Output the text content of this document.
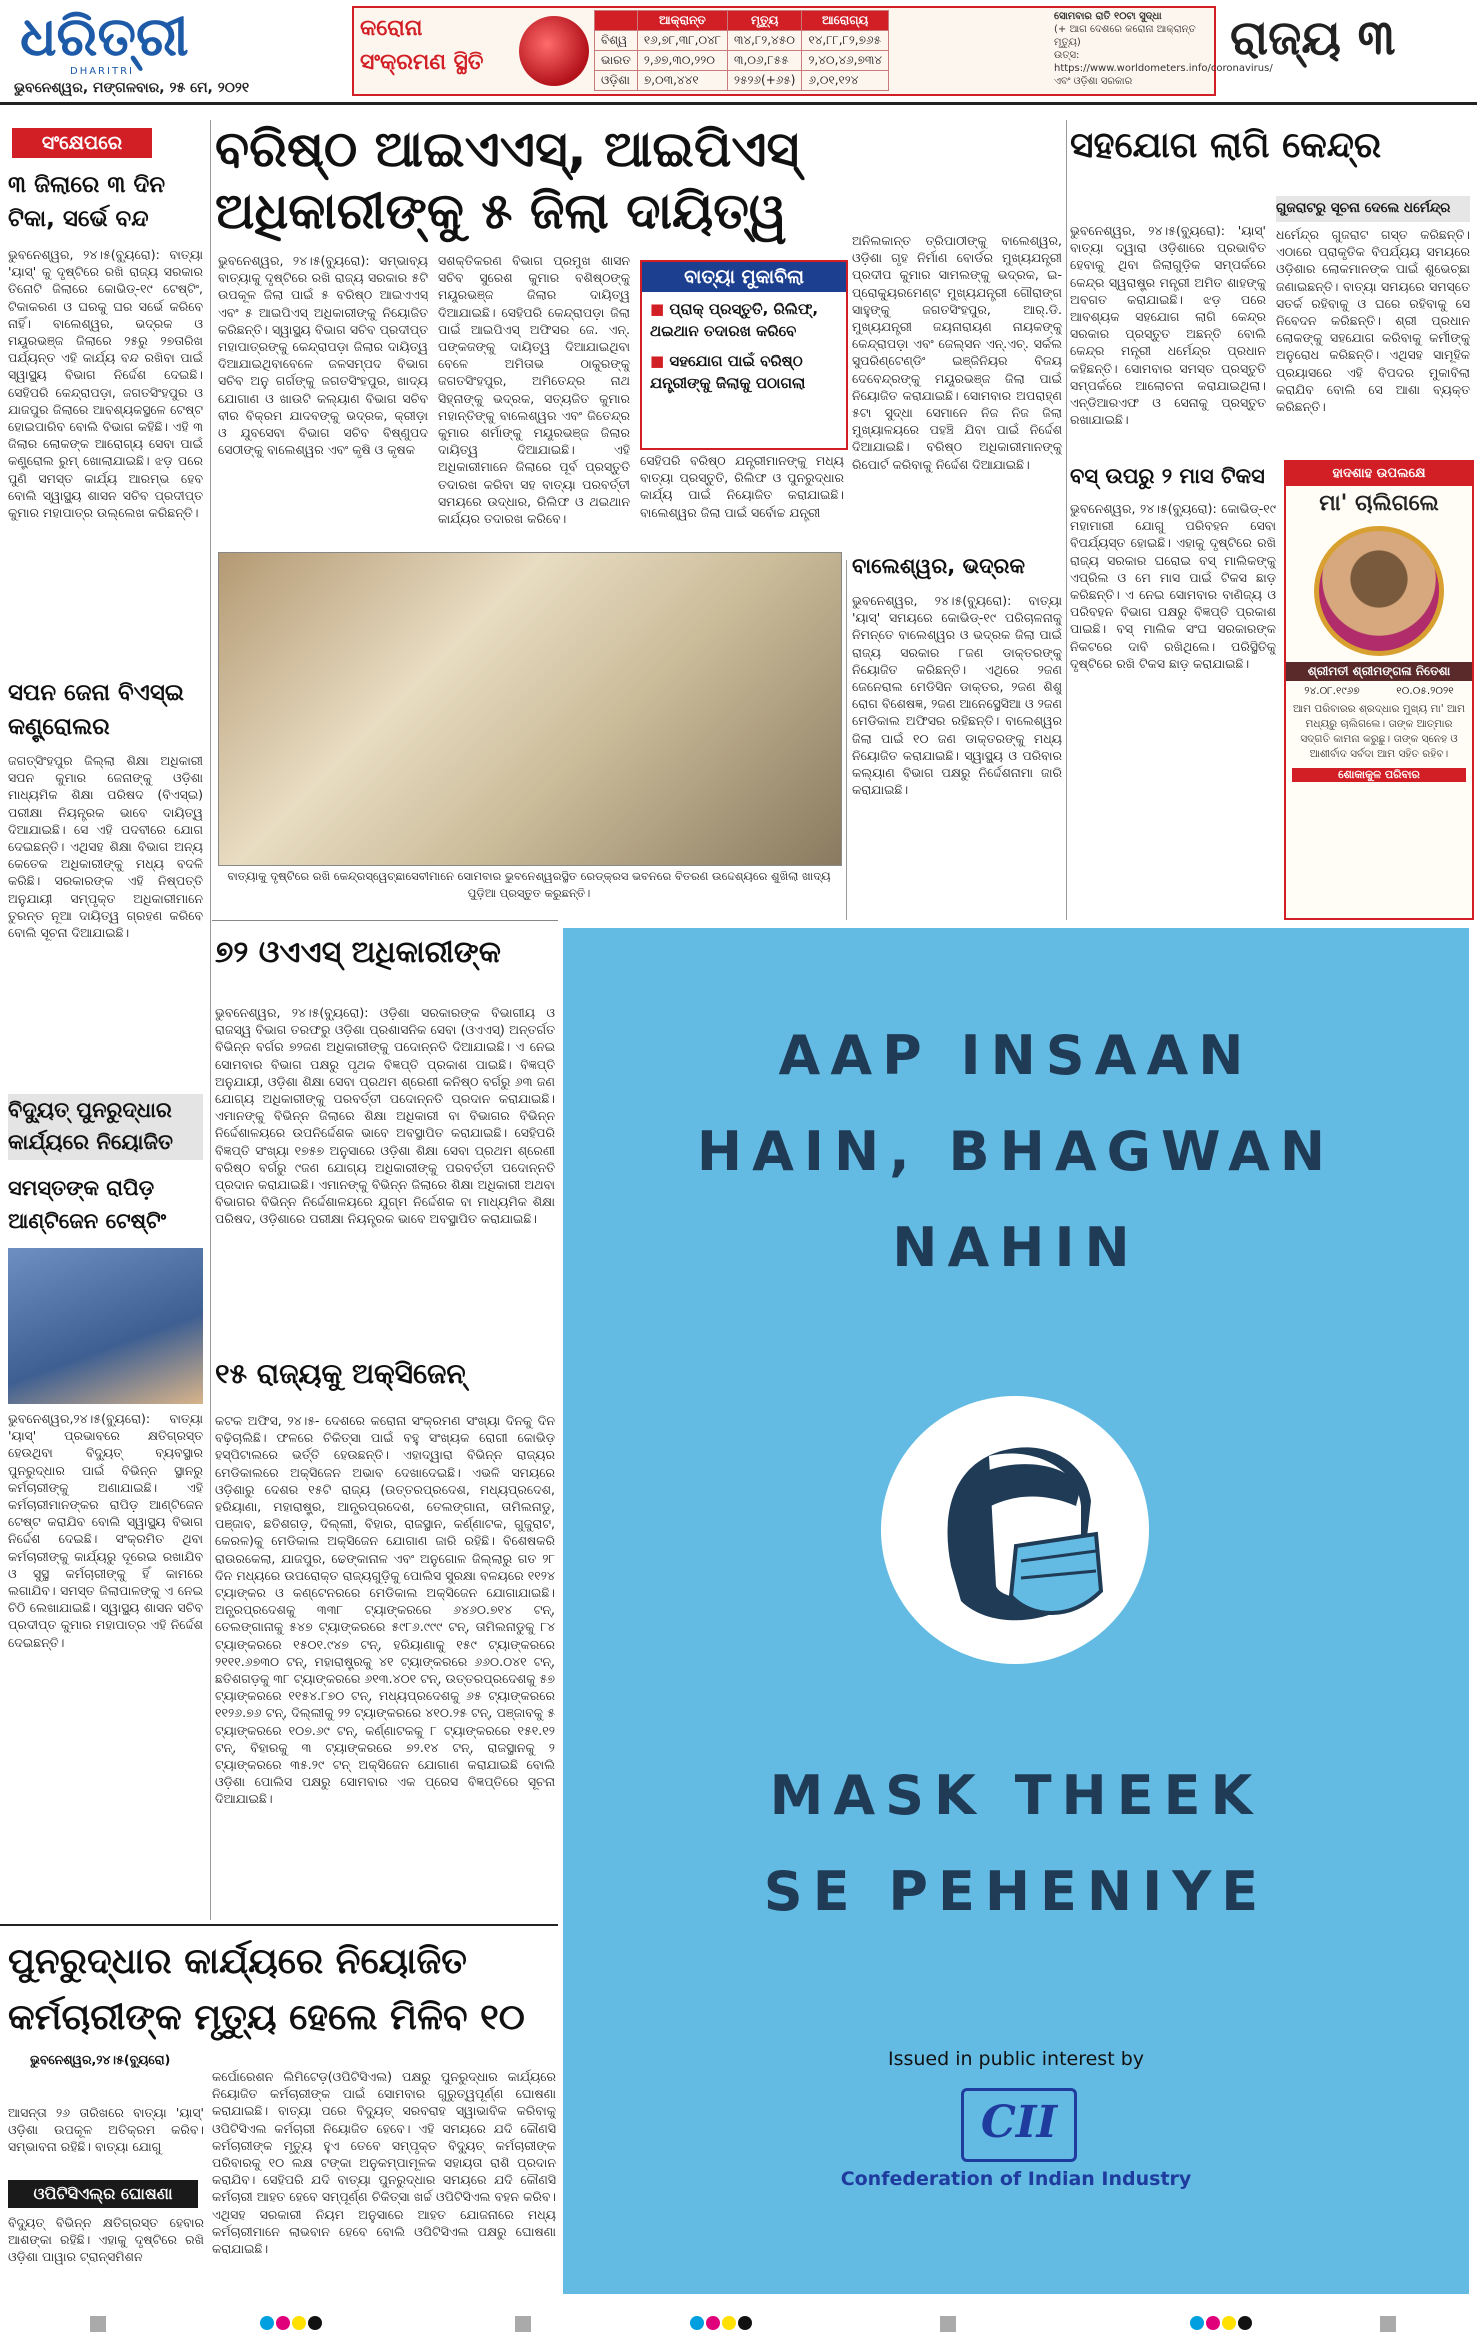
ଧରିତ୍ରୀ
DHARITRI
ଭୁବନେଶ୍ୱର, ମଙ୍ଗଳବାର, ୨୫ ମେ, ୨୦୨୧
କରୋନା
ସଂକ୍ରମଣ ସ୍ଥିତି
	ଆକ୍ରାନ୍ତ	ମୃତ୍ୟୁ	ଆରୋଗ୍ୟ
ବିଶ୍ୱ	୧୬,୭୮,୩୮,୦୪୮	୩୪,୮୨,୪୫୦	୧୪,୮୮,୮୨,୭୬୫
ଭାରତ	୨,୬୭,୩୦,୨୨୦	୩,୦୬,୮୫୫	୨,୪୦,୪୬,୭୩୪
ଓଡ଼ିଶା	୭,୦୩,୪୪୧	୨୫୨୬(+୬୫)	୬,୦୧,୧୨୪
ସୋମବାର ରାତି ୧୦ଟା ସୁଦ୍ଧା
(+ ଆଗ ଦେଶରେ କରୋନା ଆକ୍ରାନ୍ତ ମୃତ୍ୟୁ)
ଉତ୍ସ: https://www.worldometers.info/coronavirus/ ଏବଂ ଓଡ଼ିଶା ସରକାର
ରାଜ୍ୟ ୩
ସଂକ୍ଷେପରେ
୩ ଜିଲାରେ ୩ ଦିନ ଟିକା, ସର୍ଭେ ବନ୍ଦ
ଭୁବନେଶ୍ୱର, ୨୪।୫(ବ୍ୟୁରୋ): ବାତ୍ୟା 'ୟାସ୍' କୁ ଦୃଷ୍ଟିରେ ରଖି ରାଜ୍ୟ ସରକାର ତିନୋଟି ଜିଲାରେ କୋଭିଡ୍-୧୯ ଟେଷ୍ଟିଂ, ଟିକାକରଣ ଓ ଘରକୁ ଘର ସର୍ଭେ କରିବେ ନାହିଁ। ବାଲେଶ୍ୱର, ଭଦ୍ରକ ଓ ମୟୂରଭଞ୍ଜ ଜିଲାରେ ୨୫ରୁ ୨୭ତାରିଖ ପର୍ଯ୍ୟନ୍ତ ଏହି କାର୍ଯ୍ୟ ବନ୍ଦ ରଖିବା ପାଇଁ ସ୍ୱାସ୍ଥ୍ୟ ବିଭାଗ ନିର୍ଦ୍ଦେଶ ଦେଇଛି। ସେହିପରି କେନ୍ଦ୍ରାପଡ଼ା, ଜଗତସିଂହପୁର ଓ ଯାଜପୁର ଜିଲାରେ ଆବଶ୍ୟକସ୍ଥଳେ ଟେଷ୍ଟ ହୋଇପାରିବ ବୋଲି ବିଭାଗ କହିଛି। ଏହି ୩ ଜିଲାର ଲୋକଙ୍କ ଆରୋଗ୍ୟ ସେବା ପାଇଁ କଣ୍ଟ୍ରୋଲ ରୁମ୍ ଖୋଲାଯାଇଛି। ଝଡ଼ ପରେ ପୁଣି ସମସ୍ତ କାର୍ଯ୍ୟ ଆରମ୍ଭ ହେବ ବୋଲି ସ୍ୱାସ୍ଥ୍ୟ ଶାସନ ସଚିବ ପ୍ରଦୀପ୍ତ କୁମାର ମହାପାତ୍ର ଉଲ୍ଲେଖ କରିଛନ୍ତି।
ସପନ ଜେନା ବିଏସ୍‌ଇ କଣ୍ଟ୍ରୋଲର
ଜଗତ୍‌ସିଂହପୁର ଜିଲ୍ଲା ଶିକ୍ଷା ଅଧିକାରୀ ସପନ କୁମାର ଜେନାଙ୍କୁ ଓଡ଼ିଶା ମାଧ୍ୟମିକ ଶିକ୍ଷା ପରିଷଦ (ବିଏସ୍‌ଇ) ପରୀକ୍ଷା ନିୟନ୍ତ୍ରକ ଭାବେ ଦାୟିତ୍ୱ ଦିଆଯାଇଛି। ସେ ଏହି ପଦବୀରେ ଯୋଗ ଦେଇଛନ୍ତି। ଏଥିସହ ଶିକ୍ଷା ବିଭାଗ ଅନ୍ୟ କେତେକ ଅଧିକାରୀଙ୍କୁ ମଧ୍ୟ ବଦଳି କରିଛି। ସରକାରଙ୍କ ଏହି ନିଷ୍ପତ୍ତି ଅନୁଯାୟୀ ସମ୍ପୃକ୍ତ ଅଧିକାରୀମାନେ ତୁରନ୍ତ ନୂଆ ଦାୟିତ୍ୱ ଗ୍ରହଣ କରିବେ ବୋଲି ସୂଚନା ଦିଆଯାଇଛି।
ବିଦ୍ୟୁତ୍ ପୁନରୁଦ୍ଧାର କାର୍ଯ୍ୟରେ ନିୟୋଜିତ
ସମସ୍ତଙ୍କ ରାପିଡ଼ ଆଣ୍ଟିଜେନ ଟେଷ୍ଟିଂ
ଭୁବନେଶ୍ୱର,୨୪।୫(ବ୍ୟୁରୋ): ବାତ୍ୟା 'ୟାସ୍' ପ୍ରଭାବରେ କ୍ଷତିଗ୍ରସ୍ତ ହେଉଥିବା ବିଦ୍ୟୁତ୍ ବ୍ୟବସ୍ଥାର ପୁନରୁଦ୍ଧାର ପାଇଁ ବିଭିନ୍ନ ସ୍ଥାନରୁ କର୍ମଚାରୀଙ୍କୁ ଅଣାଯାଇଛି। ଏହି କର୍ମଚାରୀମାନଙ୍କର ରାପିଡ଼ ଆଣ୍ଟିଜେନ ଟେଷ୍ଟ କରାଯିବ ବୋଲି ସ୍ୱାସ୍ଥ୍ୟ ବିଭାଗ ନିର୍ଦ୍ଦେଶ ଦେଇଛି। ସଂକ୍ରମିତ ଥିବା କର୍ମଚାରୀଙ୍କୁ କାର୍ଯ୍ୟରୁ ଦୂରେଇ ରଖାଯିବ ଓ ସୁସ୍ଥ କର୍ମଚାରୀଙ୍କୁ ହିଁ କାମରେ ଲଗାଯିବ। ସମସ୍ତ ଜିଲାପାଳଙ୍କୁ ଏ ନେଇ ଚିଠି ଲେଖାଯାଇଛି। ସ୍ୱାସ୍ଥ୍ୟ ଶାସନ ସଚିବ ପ୍ରଦୀପ୍ତ କୁମାର ମହାପାତ୍ର ଏହି ନିର୍ଦ୍ଦେଶ ଦେଇଛନ୍ତି।
ବରିଷ୍ଠ ଆଇଏଏସ୍, ଆଇପିଏସ୍ ଅଧିକାରୀଙ୍କୁ ୫ ଜିଲା ଦାୟିତ୍ୱ
ଭୁବନେଶ୍ୱର, ୨୪।୫(ବ୍ୟୁରୋ): ସମ୍ଭାବ୍ୟ ବାତ୍ୟାକୁ ଦୃଷ୍ଟିରେ ରଖି ରାଜ୍ୟ ସରକାର ୫ଟି ଉପକୂଳ ଜିଲା ପାଇଁ ୫ ବରିଷ୍ଠ ଆଇଏଏସ୍ ଏବଂ ୫ ଆଇପିଏସ୍ ଅଧିକାରୀଙ୍କୁ ନିୟୋଜିତ କରିଛନ୍ତି। ସ୍ୱାସ୍ଥ୍ୟ ବିଭାଗ ସଚିବ ପ୍ରଦୀପ୍ତ ମହାପାତ୍ରଙ୍କୁ କେନ୍ଦ୍ରାପଡ଼ା ଜିଲାର ଦାୟିତ୍ୱ ଦିଆଯାଇଥିବାବେଳେ ଜଳସମ୍ପଦ ବିଭାଗ ସଚିବ ଅନୁ ଗର୍ଗଙ୍କୁ ଜଗତସିଂହପୁର, ଖାଦ୍ୟ ଯୋଗାଣ ଓ ଖାଉଟି କଲ୍ୟାଣ ବିଭାଗ ସଚିବ ବୀର ବିକ୍ରମ ଯାଦବଙ୍କୁ ଭଦ୍ରକ, କ୍ରୀଡ଼ା ଓ ଯୁବସେବା ବିଭାଗ ସଚିବ ବିଷ୍ଣୁପଦ ସେଠୀଙ୍କୁ ବାଲେଶ୍ୱର ଏବଂ କୃଷି ଓ କୃଷକ
ସଶକ୍ତିକରଣ ବିଭାଗ ପ୍ରମୁଖ ଶାସନ ସଚିବ ସୁରେଶ କୁମାର ବଶିଷ୍ଠଙ୍କୁ ମୟୂରଭଞ୍ଜ ଜିଲାର ଦାୟିତ୍ୱ ଦିଆଯାଇଛି। ସେହିପରି କେନ୍ଦ୍ରାପଡ଼ା ଜିଲା ପାଇଁ ଆଇପିଏସ୍ ଅଫିସର ଜେ. ଏନ୍. ପଙ୍କଜଙ୍କୁ ଦାୟିତ୍ୱ ଦିଆଯାଇଥିବା ବେଳେ ଅମିତାଭ ଠାକୁରଙ୍କୁ ଜଗତସିଂହପୁର, ଅମିତେନ୍ଦ୍ର ନାଥ ସିହ୍ନାଙ୍କୁ ଭଦ୍ରକ, ସତ୍ୟଜିତ କୁମାର ମହାନ୍ତିଙ୍କୁ ବାଲେଶ୍ୱର ଏବଂ ଜିତେନ୍ଦ୍ର କୁମାର ଶର୍ମାଙ୍କୁ ମୟୂରଭଞ୍ଜ ଜିଲାର ଦାୟିତ୍ୱ ଦିଆଯାଇଛି। ଏହି ଅଧିକାରୀମାନେ ଜିଲାରେ ପୂର୍ବ ପ୍ରସ୍ତୁତି ତଦାରଖ କରିବା ସହ ବାତ୍ୟା ପରବର୍ତ୍ତୀ ସମୟରେ ଉଦ୍ଧାର, ରିଲିଫ ଓ ଥଇଥାନ କାର୍ଯ୍ୟର ତଦାରଖ କରିବେ।
ବାତ୍ୟା ମୁକାବିଲା
■ ପ୍ରାକ୍ ପ୍ରସ୍ତୁତି, ରିଲିଫ୍, ଥଇଥାନ ତଦାରଖ କରିବେ
■ ସହଯୋଗ ପାଇଁ ବରିଷ୍ଠ ଯନ୍ତ୍ରୀଙ୍କୁ ଜିଲାକୁ ପଠାଗଲା
ସେହିପରି ବରିଷ୍ଠ ଯନ୍ତ୍ରୀମାନଙ୍କୁ ମଧ୍ୟ ବାତ୍ୟା ପ୍ରସ୍ତୁତି, ରିଲିଫ ଓ ପୁନରୁଦ୍ଧାର କାର୍ଯ୍ୟ ପାଇଁ ନିୟୋଜିତ କରାଯାଇଛି। ବାଲେଶ୍ୱର ଜିଲା ପାଇଁ ସର୍ବୋଚ୍ଚ ଯନ୍ତ୍ରୀ
ଅନିଲକାନ୍ତ ତ୍ରିପାଠୀଙ୍କୁ ବାଲେଶ୍ୱର, ଓଡ଼ିଶା ଗୃହ ନିର୍ମାଣ ବୋର୍ଡର ମୁଖ୍ୟଯନ୍ତ୍ରୀ ପ୍ରଦୀପ କୁମାର ସାମଲଙ୍କୁ ଭଦ୍ରକ, ଇ-ପ୍ରୋକ୍ୟୁରମେଣ୍ଟ ମୁଖ୍ୟଯନ୍ତ୍ରୀ ଗୌରାଙ୍ଗ ସାହୁଙ୍କୁ ଜଗତସିଂହପୁର, ଆର୍.ଡି. ମୁଖ୍ୟଯନ୍ତ୍ରୀ ଜୟନାରାୟଣ ନାୟକଙ୍କୁ କେନ୍ଦ୍ରାପଡ଼ା ଏବଂ ଜେଲ୍‌ସନ ଏନ୍.ଏଚ୍. ସର୍କଲ ସୁପରିଣ୍ଟେଣ୍ଡିଂ ଇଞ୍ଜିନିୟର ବିଜୟ ଦେବେନ୍ଦ୍ରଙ୍କୁ ମୟୂରଭଞ୍ଜ ଜିଲା ପାଇଁ ନିୟୋଜିତ କରାଯାଇଛି। ସୋମବାର ଅପରାହ୍ଣ ୫ଟା ସୁଦ୍ଧା ସେମାନେ ନିଜ ନିଜ ଜିଲା ମୁଖ୍ୟାଳୟରେ ପହଞ୍ଚି ଯିବା ପାଇଁ ନିର୍ଦ୍ଦେଶ ଦିଆଯାଇଛି। ବରିଷ୍ଠ ଅଧିକାରୀମାନଙ୍କୁ ରିପୋର୍ଟ କରିବାକୁ ନିର୍ଦ୍ଦେଶ ଦିଆଯାଇଛି।
ବାତ୍ୟାକୁ ଦୃଷ୍ଟିରେ ରଖି କେନ୍ଦ୍ରସ୍ୱେଚ୍ଛାସେବୀମାନେ ସୋମବାର ଭୁବନେଶ୍ୱରସ୍ଥିତ ରେଡ୍‌କ୍ରସ ଭବନରେ ବିତରଣ ଉଦ୍ଦେଶ୍ୟରେ ଶୁଖିଲା ଖାଦ୍ୟ ପୁଡ଼ିଆ ପ୍ରସ୍ତୁତ କରୁଛନ୍ତି।
ବାଲେଶ୍ୱର, ଭଦ୍ରକ
ଭୁବନେଶ୍ୱର, ୨୪।୫(ବ୍ୟୁରୋ): ବାତ୍ୟା 'ୟାସ୍' ସମୟରେ କୋଭିଡ୍-୧୯ ପରିଚାଳନାକୁ ନିମନ୍ତେ ବାଲେଶ୍ୱର ଓ ଭଦ୍ରକ ଜିଲା ପାଇଁ ରାଜ୍ୟ ସରକାର ୮ଜଣ ଡାକ୍ତରଙ୍କୁ ନିୟୋଜିତ କରିଛନ୍ତି। ଏଥିରେ ୨ଜଣ ଜେନେରାଲ ମେଡିସିନ ଡାକ୍ତର, ୨ଜଣ ଶିଶୁ ରୋଗ ବିଶେଷଜ୍ଞ, ୨ଜଣ ଆନେସ୍ଥେସିଆ ଓ ୨ଜଣ ମେଡିକାଲ ଅଫିସର ରହିଛନ୍ତି। ବାଲେଶ୍ୱର ଜିଲା ପାଇଁ ୧୦ ଜଣ ଡାକ୍ତରଙ୍କୁ ମଧ୍ୟ ନିୟୋଜିତ କରାଯାଇଛି। ସ୍ୱାସ୍ଥ୍ୟ ଓ ପରିବାର କଲ୍ୟାଣ ବିଭାଗ ପକ୍ଷରୁ ନିର୍ଦ୍ଦେଶନାମା ଜାରି କରାଯାଇଛି।
ସହଯୋଗ ଲାଗି କେନ୍ଦ୍ର
ଭୁବନେଶ୍ୱର, ୨୪।୫(ବ୍ୟୁରୋ): 'ୟାସ୍' ବାତ୍ୟା ଦ୍ୱାରା ଓଡ଼ିଶାରେ ପ୍ରଭାବିତ ହେବାକୁ ଥିବା ଜିଲାଗୁଡ଼ିକ ସମ୍ପର୍କରେ କେନ୍ଦ୍ର ସ୍ୱରାଷ୍ଟ୍ର ମନ୍ତ୍ରୀ ଅମିତ ଶାହଙ୍କୁ ଅବଗତ କରାଯାଇଛି। ଝଡ଼ ପରେ ଆବଶ୍ୟକ ସହଯୋଗ ଲାଗି କେନ୍ଦ୍ର ସରକାର ପ୍ରସ୍ତୁତ ଅଛନ୍ତି ବୋଲି କେନ୍ଦ୍ର ମନ୍ତ୍ରୀ ଧର୍ମେନ୍ଦ୍ର ପ୍ରଧାନ କହିଛନ୍ତି। ସୋମବାର ସମସ୍ତ ପ୍ରସ୍ତୁତି ସମ୍ପର୍କରେ ଆଲୋଚନା କରାଯାଇଥିଲା। ଏନ୍‌ଡିଆରଏଫ ଓ ସେନାକୁ ପ୍ରସ୍ତୁତ ରଖାଯାଇଛି।
ଗୁଜରାଟରୁ ସୂଚନା ଦେଲେ ଧର୍ମେନ୍ଦ୍ର
ଧର୍ମେନ୍ଦ୍ର ଗୁଜରାଟ ଗସ୍ତ କରିଛନ୍ତି। ଏଠାରେ ପ୍ରାକୃତିକ ବିପର୍ଯ୍ୟୟ ସମୟରେ ଓଡ଼ିଶାର ଲୋକମାନଙ୍କ ପାଇଁ ଶୁଭେଚ୍ଛା ଜଣାଇଛନ୍ତି। ବାତ୍ୟା ସମୟରେ ସମସ୍ତେ ସତର୍କ ରହିବାକୁ ଓ ଘରେ ରହିବାକୁ ସେ ନିବେଦନ କରିଛନ୍ତି। ଶ୍ରୀ ପ୍ରଧାନ ଲୋକଙ୍କୁ ସହଯୋଗ କରିବାକୁ କର୍ମୀଙ୍କୁ ଅନୁରୋଧ କରିଛନ୍ତି। ଏଥିସହ ସାମୂହିକ ପ୍ରୟାସରେ ଏହି ବିପଦର ମୁକାବିଲା କରାଯିବ ବୋଲି ସେ ଆଶା ବ୍ୟକ୍ତ କରିଛନ୍ତି।
ବସ୍‌ ଉପରୁ ୨ ମାସ ଟିକସ
ଭୁବନେଶ୍ୱର, ୨୪।୫(ବ୍ୟୁରୋ): କୋଭିଡ୍-୧୯ ମହାମାରୀ ଯୋଗୁ ପରିବହନ ସେବା ବିପର୍ଯ୍ୟସ୍ତ ହୋଇଛି। ଏହାକୁ ଦୃଷ୍ଟିରେ ରଖି ରାଜ୍ୟ ସରକାର ଘରୋଇ ବସ୍ ମାଲିକଙ୍କୁ ଏପ୍ରିଲ ଓ ମେ ମାସ ପାଇଁ ଟିକସ ଛାଡ଼ କରିଛନ୍ତି। ଏ ନେଇ ସୋମବାର ବାଣିଜ୍ୟ ଓ ପରିବହନ ବିଭାଗ ପକ୍ଷରୁ ବିଜ୍ଞପ୍ତି ପ୍ରକାଶ ପାଇଛି। ବସ୍ ମାଲିକ ସଂଘ ସରକାରଙ୍କ ନିକଟରେ ଦାବି ରଖିଥିଲେ। ପରିସ୍ଥିତିକୁ ଦୃଷ୍ଟିରେ ରଖି ଟିକସ ଛାଡ଼ କରାଯାଇଛି।
ହାଦଶାହ ଉପଲକ୍ଷେ
ମା' ଚାଲିଗଲେ
ଶ୍ରୀମତୀ ଶ୍ରୀମଙ୍ଗଳା ନିତେଶା
୨୪.୦୮.୧୯୬୭	୧୦.୦୫.୨୦୨୧
ଆମ ପରିବାରର ଶ୍ରଦ୍ଧାର ମୁଖ୍ୟ ମା' ଆମ ମଧ୍ୟରୁ ଚାଲିଗଲେ। ତାଙ୍କ ଆତ୍ମାର ସଦ୍‌ଗତି କାମନା କରୁଛୁ। ତାଙ୍କ ସ୍ନେହ ଓ ଆଶୀର୍ବାଦ ସର୍ବଦା ଆମ ସହିତ ରହିବ।
ଶୋକାକୁଳ ପରିବାର
୭୨ ଓଏଏସ୍ ଅଧିକାରୀଙ୍କ
ଭୁବନେଶ୍ୱର, ୨୪।୫(ବ୍ୟୁରୋ): ଓଡ଼ିଶା ସରକାରଙ୍କ ବିଭାଗୀୟ ଓ ରାଜସ୍ୱ ବିଭାଗ ତରଫରୁ ଓଡ଼ିଶା ପ୍ରଶାସନିକ ସେବା (ଓଏଏସ୍) ଅନ୍ତର୍ଗତ ବିଭିନ୍ନ ବର୍ଗର ୭୨ଜଣ ଅଧିକାରୀଙ୍କୁ ପଦୋନ୍ନତି ଦିଆଯାଇଛି। ଏ ନେଇ ସୋମବାର ବିଭାଗ ପକ୍ଷରୁ ପୃଥକ ବିଜ୍ଞପ୍ତି ପ୍ରକାଶ ପାଇଛି। ବିଜ୍ଞପ୍ତି ଅନୁଯାୟୀ, ଓଡ଼ିଶା ଶିକ୍ଷା ସେବା ପ୍ରଥମ ଶ୍ରେଣୀ କନିଷ୍ଠ ବର୍ଗରୁ ୬୩ ଜଣ ଯୋଗ୍ୟ ଅଧିକାରୀଙ୍କୁ ପରବର୍ତ୍ତୀ ପଦୋନ୍ନତି ପ୍ରଦାନ କରାଯାଇଛି। ଏମାନଙ୍କୁ ବିଭିନ୍ନ ଜିଲାରେ ଶିକ୍ଷା ଅଧିକାରୀ ବା ବିଭାଗର ବିଭିନ୍ନ ନିର୍ଦ୍ଦେଶାଳୟରେ ଉପନିର୍ଦ୍ଦେଶକ ଭାବେ ଅବସ୍ଥାପିତ କରାଯାଇଛି। ସେହିପରି ବିଜ୍ଞପ୍ତି ସଂଖ୍ୟା ୧୭୫୭ ଅନୁସାରେ ଓଡ଼ିଶା ଶିକ୍ଷା ସେବା ପ୍ରଥମ ଶ୍ରେଣୀ ବରିଷ୍ଠ ବର୍ଗରୁ ୯ଜଣ ଯୋଗ୍ୟ ଅଧିକାରୀଙ୍କୁ ପରବର୍ତ୍ତୀ ପଦୋନ୍ନତି ପ୍ରଦାନ କରାଯାଇଛି। ଏମାନଙ୍କୁ ବିଭିନ୍ନ ଜିଲାରେ ଶିକ୍ଷା ଅଧିକାରୀ ଅଥବା ବିଭାଗର ବିଭିନ୍ନ ନିର୍ଦ୍ଦେଶାଳୟରେ ଯୁଗ୍ମ ନିର୍ଦ୍ଦେଶକ ବା ମାଧ୍ୟମିକ ଶିକ୍ଷା ପରିଷଦ, ଓଡ଼ିଶାରେ ପରୀକ୍ଷା ନିୟନ୍ତ୍ରକ ଭାବେ ଅବସ୍ଥାପିତ କରାଯାଇଛି।
୧୫ ରାଜ୍ୟକୁ ଅକ୍ସିଜେନ୍
କଟକ ଅଫିସ, ୨୪।୫- ଦେଶରେ କରୋନା ସଂକ୍ରମଣ ସଂଖ୍ୟା ଦିନକୁ ଦିନ ବଢ଼ିଚାଲିଛି। ଫଳରେ ଚିକିତ୍ସା ପାଇଁ ବହୁ ସଂଖ୍ୟକ ରୋଗୀ କୋଭିଡ଼ ହସ୍ପିଟାଲରେ ଭର୍ତ୍ତି ହେଉଛନ୍ତି। ଏହାଦ୍ୱାରା ବିଭିନ୍ନ ରାଜ୍ୟର ମେଡିକାଲରେ ଅକ୍ସିଜେନ ଅଭାବ ଦେଖାଦେଇଛି। ଏଭଳି ସମୟରେ ଓଡ଼ିଶାରୁ ଦେଶର ୧୫ଟି ରାଜ୍ୟ (ଉତ୍ତରପ୍ରଦେଶ, ମଧ୍ୟପ୍ରଦେଶ, ହରିୟାଣା, ମହାରାଷ୍ଟ୍ର, ଆନ୍ଧ୍ରପ୍ରଦେଶ, ତେଲଙ୍ଗାନା, ତାମିଲନାଡୁ, ପଞ୍ଜାବ, ଛତିଶଗଡ଼, ଦିଲ୍ଲୀ, ବିହାର, ରାଜସ୍ଥାନ, କର୍ଣ୍ଣାଟକ, ଗୁଜୁରାଟ, କେରଳ)କୁ ମେଡିକାଲ ଅକ୍ସିଜେନ ଯୋଗାଣ ଜାରି ରହିଛି। ବିଶେଷକରି ରାଉରକେଲା, ଯାଜପୁର, ଢେଙ୍କାନାଳ ଏବଂ ଅନୁଗୋଳ ଜିଲ୍ଲାରୁ ଗତ ୨୮ ଦିନ ମଧ୍ୟରେ ଉପରୋକ୍ତ ରାଜ୍ୟଗୁଡ଼ିକୁ ପୋଲିସ ସୁରକ୍ଷା ବଳୟରେ ୧୧୨୪ ଟ୍ୟାଙ୍କର ଓ କଣ୍ଟେନରରେ ମେଡିକାଲ ଅକ୍ସିଜେନ ଯୋଗାଯାଇଛି। ଅନ୍ଧ୍ରପ୍ରଦେଶକୁ ୩୩୮ ଟ୍ୟାଙ୍କରରେ ୬୪୬୦.୭୧୪ ଟନ୍, ତେଲଙ୍ଗାନାକୁ ୫୪୭ ଟ୍ୟାଙ୍କରରେ ୫୯୮୬.୯୯୯ ଟନ୍, ତାମିଲନାଡୁକୁ ୮୪ ଟ୍ୟାଙ୍କରରେ ୧୫୦୧.୯୪୭ ଟନ୍, ହରିୟାଣାକୁ ୧୫୯ ଟ୍ୟାଙ୍କରରେ ୨୧୧୧.୬୭୩୦ ଟନ୍, ମହାରାଷ୍ଟ୍ରକୁ ୪୧ ଟ୍ୟାଙ୍କରରେ ୬୬୦.୦୪୧ ଟନ୍, ଛତିଶଗଡ଼କୁ ୩୮ ଟ୍ୟାଙ୍କରରେ ୬୧୩.୪୦୧ ଟନ୍, ଉତ୍ତରପ୍ରଦେଶକୁ ୫୭ ଟ୍ୟାଙ୍କରରେ ୧୧୫୪.୮୭୦ ଟନ୍, ମଧ୍ୟପ୍ରଦେଶକୁ ୬୫ ଟ୍ୟାଙ୍କରରେ ୧୧୨୬.୭୬ ଟନ୍, ଦିଲ୍ଲୀକୁ ୨୨ ଟ୍ୟାଙ୍କରରେ ୪୧୦.୨୫ ଟନ୍, ପଞ୍ଜାବକୁ ୫ ଟ୍ୟାଙ୍କରରେ ୧୦୭.୬୯ ଟନ୍, କର୍ଣ୍ଣାଟକକୁ ୮ ଟ୍ୟାଙ୍କରରେ ୧୫୧.୧୨ ଟନ୍, ବିହାରକୁ ୩ ଟ୍ୟାଙ୍କରରେ ୭୨.୧୪ ଟନ୍, ରାଜସ୍ଥାନକୁ ୨ ଟ୍ୟାଙ୍କରରେ ୩୫.୨୯ ଟନ୍ ଅକ୍ସିଜେନ ଯୋଗାଣ କରାଯାଇଛି ବୋଲି ଓଡ଼ିଶା ପୋଲିସ ପକ୍ଷରୁ ସୋମବାର ଏକ ପ୍ରେସ ବିଜ୍ଞପ୍ତିରେ ସୂଚନା ଦିଆଯାଇଛି।
ପୁନରୁଦ୍ଧାର କାର୍ଯ୍ୟରେ ନିୟୋଜିତ କର୍ମଚାରୀଙ୍କ ମୃତ୍ୟୁ ହେଲେ ମିଳିବ ୧୦
ଭୁବନେଶ୍ୱର,୨୪।୫(ବ୍ୟୁରୋ)
ଆସନ୍ତା ୨୬ ତାରିଖରେ ବାତ୍ୟା 'ୟାସ୍' ଓଡ଼ିଶା ଉପକୂଳ ଅତିକ୍ରମ କରିବ। ସମ୍ଭାବନା ରହିଛି। ବାତ୍ୟା ଯୋଗୁ
ଓପିଟିସିଏଲ୍‌ର ଘୋଷଣା
ବିଦ୍ୟୁତ୍ ବିଭିନ୍ନ କ୍ଷତିଗ୍ରସ୍ତ ହେବାର ଆଶଙ୍କା ରହିଛି। ଏହାକୁ ଦୃଷ୍ଟିରେ ରଖି ଓଡ଼ିଶା ପାୱାର ଟ୍ରାନ୍ସମିଶନ
କର୍ପୋରେଶନ ଲିମିଟେଡ଼(ଓପିଟିସିଏଲ) ପକ୍ଷରୁ ପୁନରୁଦ୍ଧାର କାର୍ଯ୍ୟରେ ନିୟୋଜିତ କର୍ମଚାରୀଙ୍କ ପାଇଁ ସୋମବାର ଗୁରୁତ୍ୱପୂର୍ଣ୍ଣ ଘୋଷଣା କରାଯାଇଛି। ବାତ୍ୟା ପରେ ବିଦ୍ୟୁତ୍ ସରବରାହ ସ୍ୱାଭାବିକ କରିବାକୁ ଓପିଟିସିଏଲ କର୍ମଚାରୀ ନିୟୋଜିତ ହେବେ। ଏହି ସମୟରେ ଯଦି କୌଣସି କର୍ମଚାରୀଙ୍କ ମୃତ୍ୟୁ ହୁଏ ତେବେ ସମ୍ପୃକ୍ତ ବିଦ୍ୟୁତ୍ କର୍ମଚାରୀଙ୍କ ପରିବାରକୁ ୧୦ ଲକ୍ଷ ଟଙ୍କା ଅନୁକମ୍ପାମୂଳକ ସହାୟତା ରାଶି ପ୍ରଦାନ କରାଯିବ। ସେହିପରି ଯଦି ବାତ୍ୟା ପୁନରୁଦ୍ଧାର ସମୟରେ ଯଦି କୌଣସି କର୍ମଚାରୀ ଆହତ ହେବେ ସମ୍ପୂର୍ଣ୍ଣ ଚିକିତ୍ସା ଖର୍ଚ୍ଚ ଓପିଟିସିଏଲ ବହନ କରିବ। ଏଥିସହ ସରକାରୀ ନିୟମ ଅନୁସାରେ ଆହତ ଯୋଜନାରେ ମଧ୍ୟ କର୍ମଚାରୀମାନେ ଲାଭବାନ ହେବେ ବୋଲି ଓପିଟିସିଏଲ ପକ୍ଷରୁ ଘୋଷଣା କରାଯାଇଛି।
AAP INSAAN
HAIN, BHAGWAN
NAHIN
MASK THEEK
SE PEHENIYE
Issued in public interest by
CII
Confederation of Indian Industry
